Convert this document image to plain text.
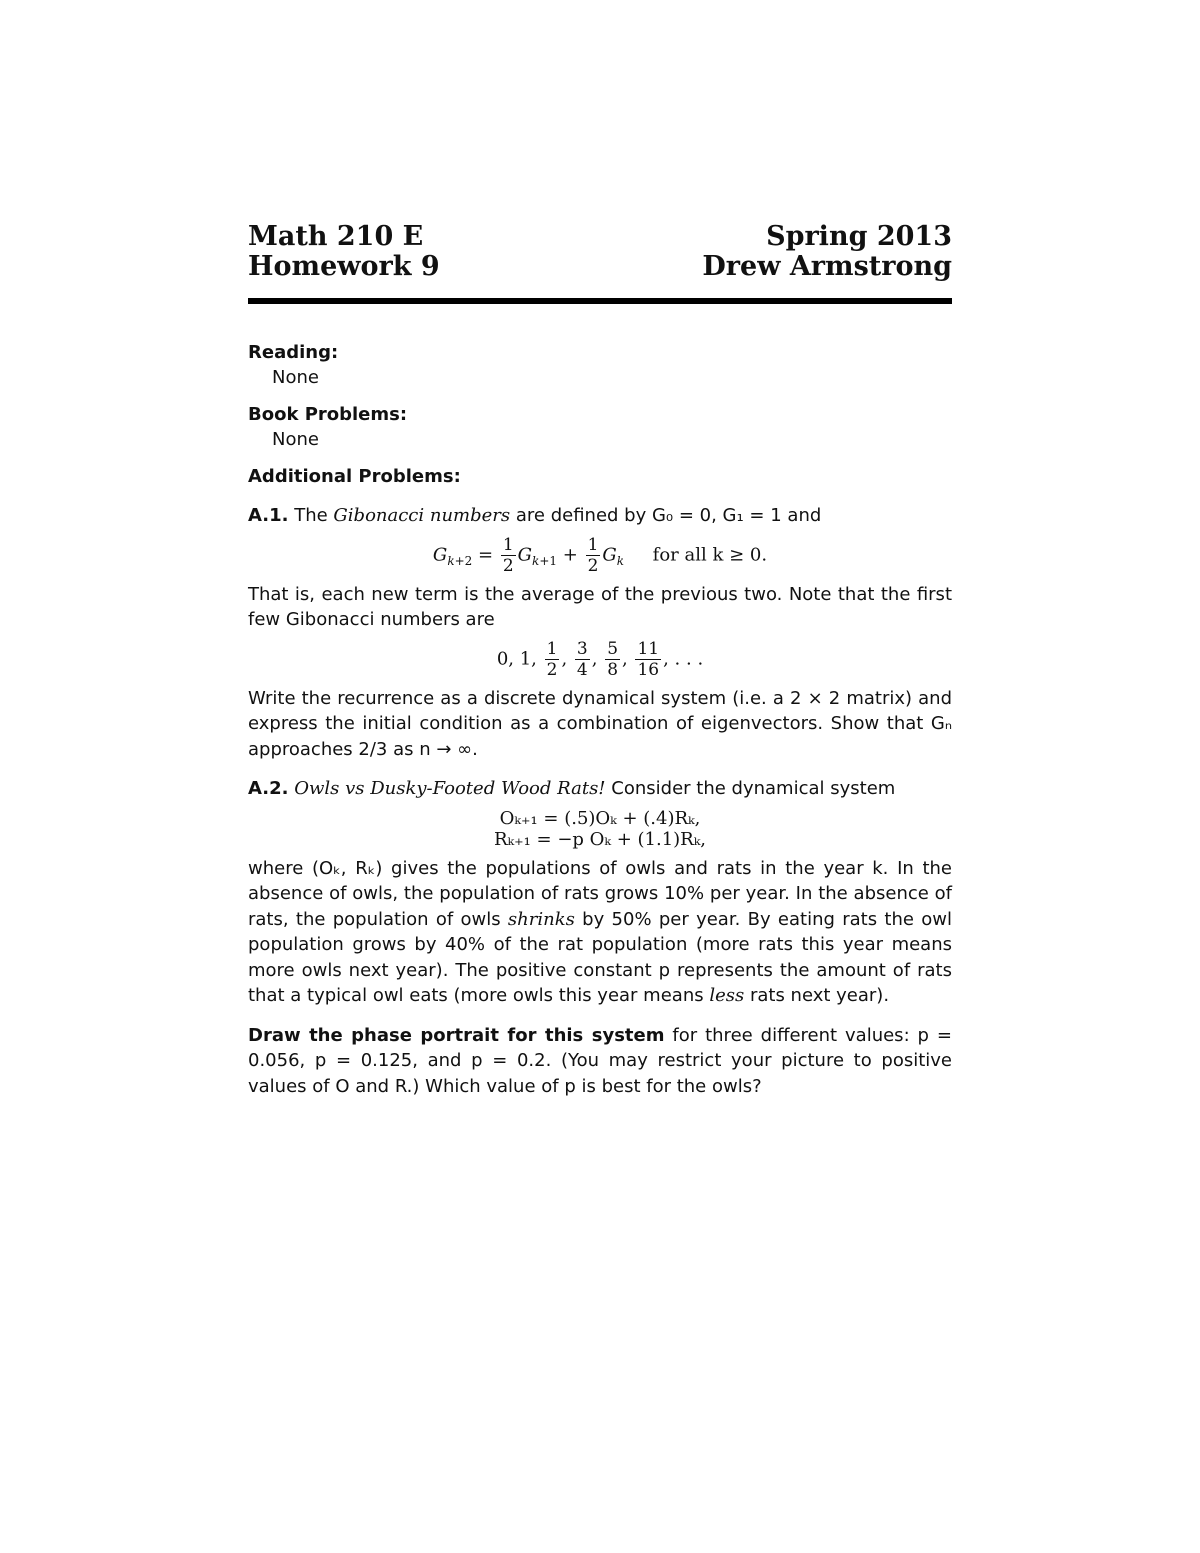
Math 210 E
Homework 9
Spring 2013
Drew Armstrong
Reading:
None
Book Problems:
None
Additional Problems:

A.1. The Gibonacci numbers are defined by G₀ = 0, G₁ = 1 and

$G_{k+2} = \frac{1}{2} G_{k+1} + \frac{1}{2} G_k$ for all k ≥ 0.

That is, each new term is the average of the previous two. Note that the first few Gibonacci numbers are

0, 1, $\frac{1}{2}$ , $\frac{3}{4}$ , $\frac{5}{8}$ , $\frac{11}{16}$ , . . .

Write the recurrence as a discrete dynamical system (i.e. a 2 × 2 matrix) and express the initial condition as a combination of eigenvectors. Show that Gₙ approaches 2/3 as n → ∞.

A.2. Owls vs Dusky-Footed Wood Rats! Consider the dynamical system

Oₖ₊₁ = (.5)Oₖ + (.4)Rₖ,
Rₖ₊₁ = −p Oₖ + (1.1)Rₖ,

where (Oₖ, Rₖ) gives the populations of owls and rats in the year k. In the absence of owls, the population of rats grows 10% per year. In the absence of rats, the population of owls shrinks by 50% per year. By eating rats the owl population grows by 40% of the rat population (more rats this year means more owls next year). The positive constant p represents the amount of rats that a typical owl eats (more owls this year means less rats next year).

Draw the phase portrait for this system for three different values: p = 0.056, p = 0.125, and p = 0.2. (You may restrict your picture to positive values of O and R.) Which value of p is best for the owls?
